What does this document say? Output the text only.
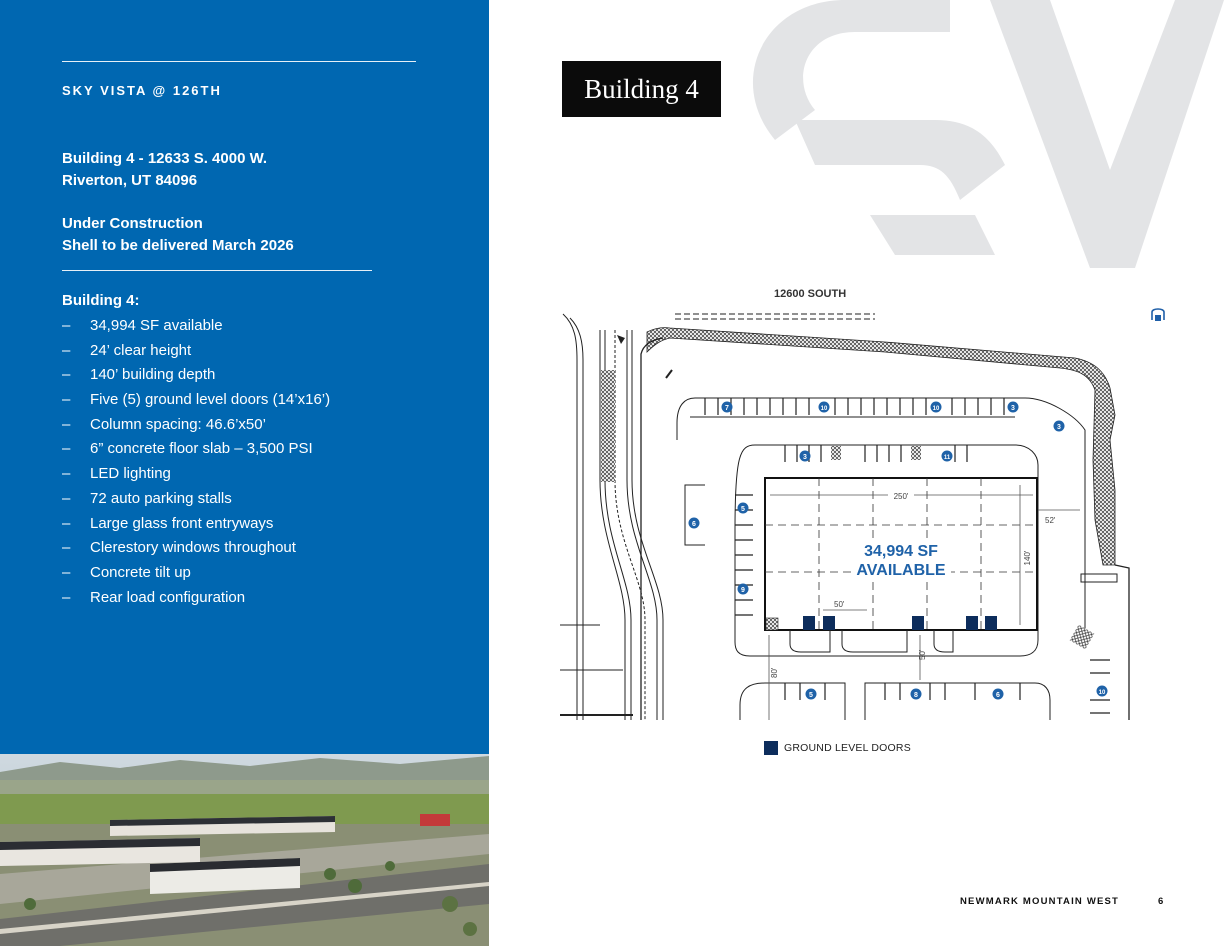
SKY VISTA @ 126TH
Building 4 - 12633 S. 4000 W.
Riverton, UT 84096
Under Construction
Shell to be delivered March 2026
Building 4:
– 34,994 SF available
– 24’ clear height
– 140’ building depth
– Five (5) ground level doors (14’x16’)
– Column spacing: 46.6’x50’
– 6” concrete floor slab – 3,500 PSI
– LED lighting
– 72 auto parking stalls
– Large glass front entryways
– Clerestory windows throughout
– Concrete tilt up
– Rear load configuration
Building 4
12600 SOUTH
250'
140'
50'
52'
50'
80'
34,994 SF
AVAILABLE
7	10	10	3
3
3	11
5
6
9
5	8	6	10
GROUND LEVEL DOORS
NEWMARK MOUNTAIN WEST	6
